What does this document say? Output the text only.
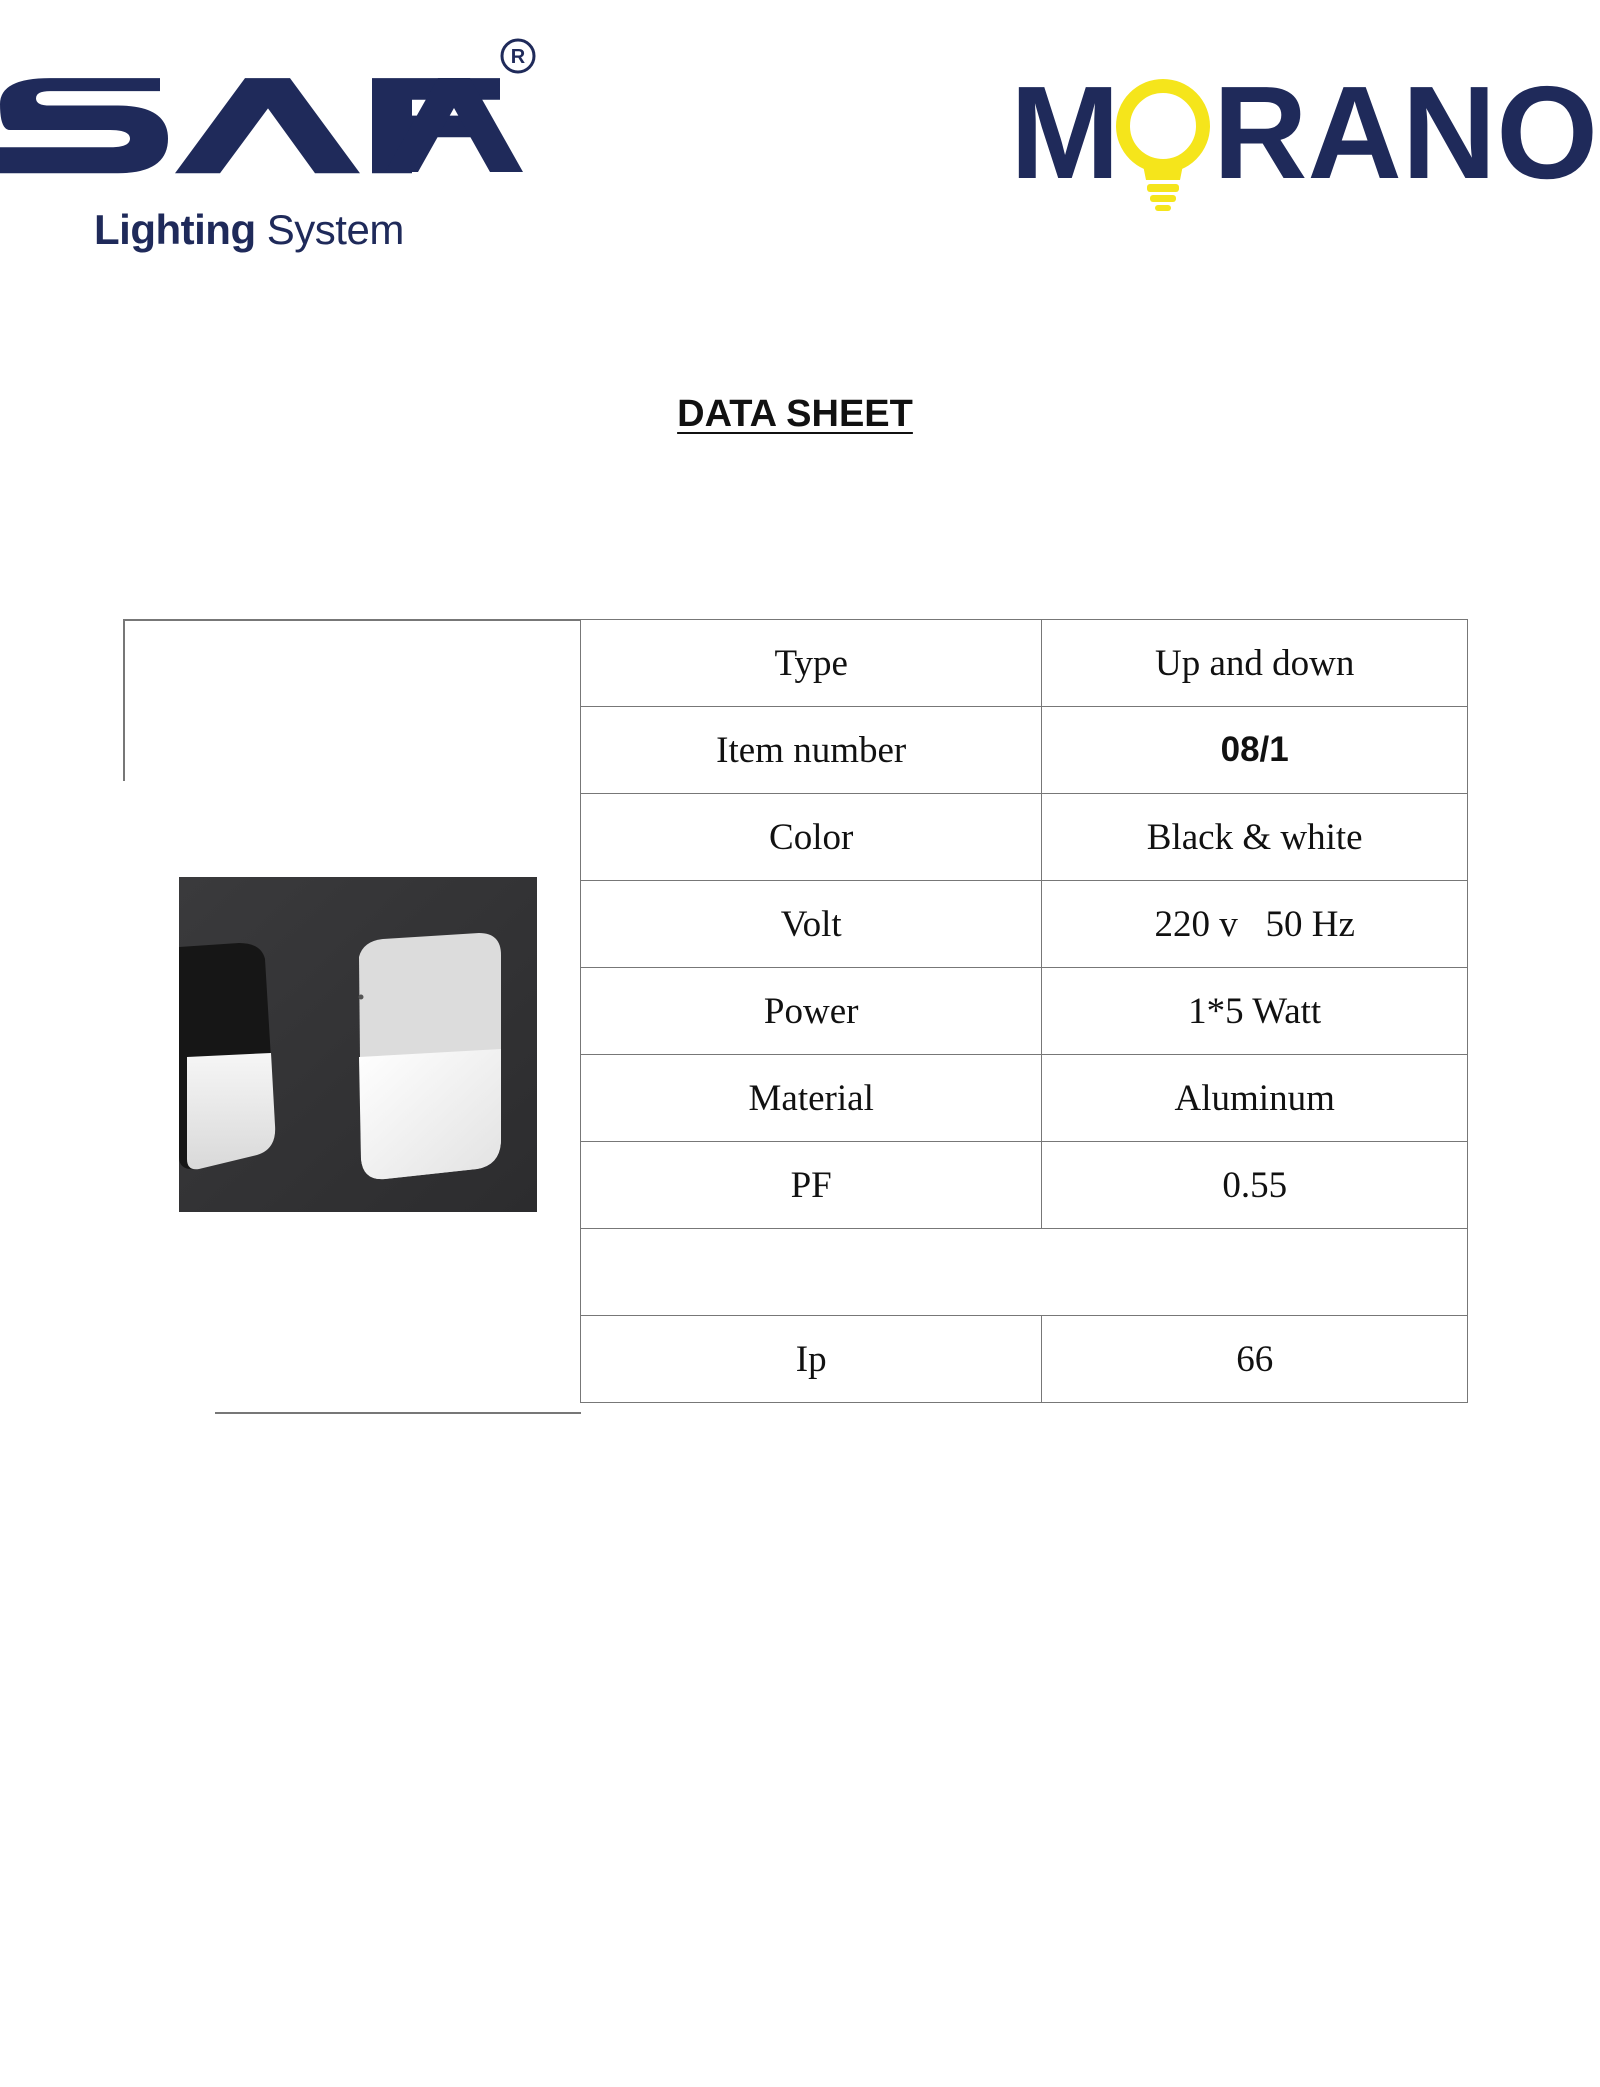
R
Lighting System
M RANO
DATA SHEET
Type	Up and down
Item number	08/1
Color	Black & white
Volt	220 v   50 Hz
Power	1*5 Watt
Material	Aluminum
PF	0.55

Ip	66
